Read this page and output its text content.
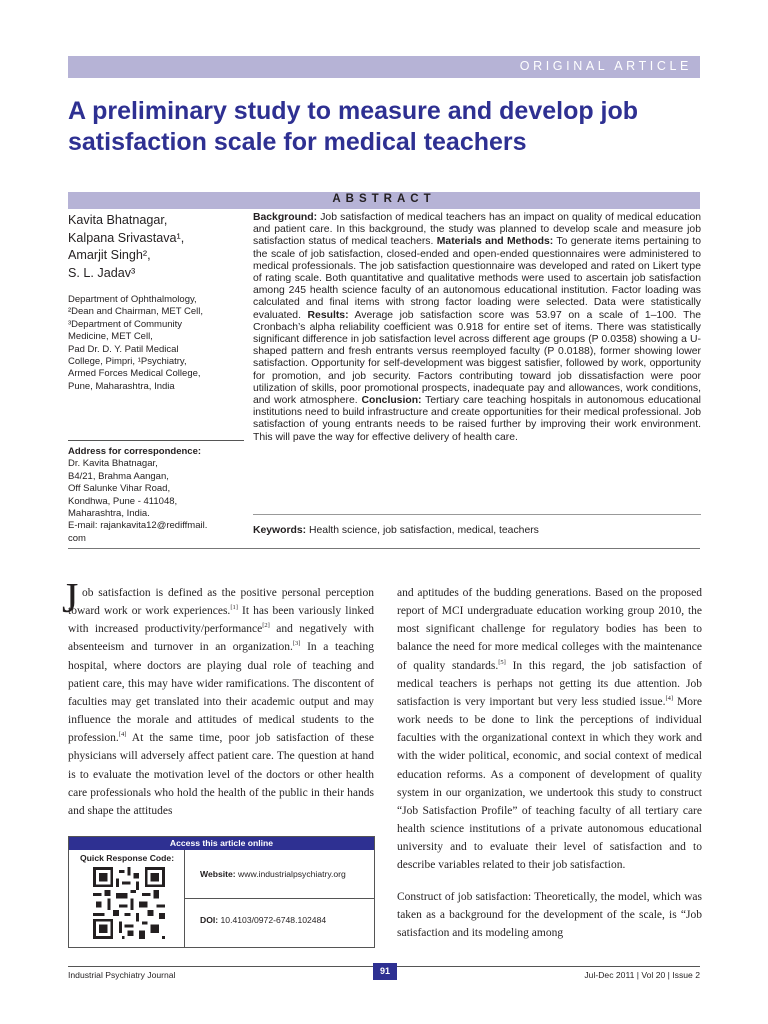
ORIGINAL ARTICLE
A preliminary study to measure and develop job satisfaction scale for medical teachers
ABSTRACT
Kavita Bhatnagar,
Kalpana Srivastava¹,
Amarjit Singh²,
S. L. Jadav³
Department of Ophthalmology,
²Dean and Chairman, MET Cell,
³Department of Community
Medicine, MET Cell,
Pad Dr. D. Y. Patil Medical
College, Pimpri, ¹Psychiatry,
Armed Forces Medical College,
Pune, Maharashtra, India
Address for correspondence:
Dr. Kavita Bhatnagar,
B4/21, Brahma Aangan,
Off Salunke Vihar Road,
Kondhwa, Pune - 411048,
Maharashtra, India.
E-mail: rajankavita12@rediffmail.
com
Background: Job satisfaction of medical teachers has an impact on quality of medical education and patient care. In this background, the study was planned to develop scale and measure job satisfaction status of medical teachers. Materials and Methods: To generate items pertaining to the scale of job satisfaction, closed-ended and open-ended questionnaires were administered to medical professionals. The job satisfaction questionnaire was developed and rated on Likert type of rating scale. Both quantitative and qualitative methods were used to ascertain job satisfaction among 245 health science faculty of an autonomous educational institution. Factor loading was calculated and final items with strong factor loading were selected. Data were statistically evaluated. Results: Average job satisfaction score was 53.97 on a scale of 1–100. The Cronbach’s alpha reliability coefficient was 0.918 for entire set of items. There was statistically significant difference in job satisfaction level across different age groups (P 0.0358) showing a U-shaped pattern and fresh entrants versus reemployed faculty (P 0.0188), former showing lower satisfaction. Opportunity for self-development was biggest satisfier, followed by work, opportunity for promotion, and job security. Factors contributing toward job dissatisfaction were poor utilization of skills, poor promotional prospects, inadequate pay and allowances, work conditions, and work atmosphere. Conclusion: Tertiary care teaching hospitals in autonomous educational institutions need to build infrastructure and create opportunities for their medical professional. Job satisfaction of young entrants needs to be raised further by improving their work environment. This will pave the way for effective delivery of health care.
Keywords: Health science, job satisfaction, medical, teachers
J ob satisfaction is defined as the positive personal perception toward work or work experiences.[1] It has been variously linked with increased productivity/performance[2] and negatively with absenteeism and turnover in an organization.[3] In a teaching hospital, where doctors are playing dual role of teaching and patient care, this may have wider ramifications. The discontent of faculties may get translated into their academic output and may influence the morale and attitudes of medical students to the profession.[4] At the same time, poor job satisfaction of these physicians will adversely affect patient care. The question at hand is to evaluate the motivation level of the doctors or other health care professionals who hold the health of the public in their hands and shape the attitudes

and aptitudes of the budding generations. Based on the proposed report of MCI undergraduate education working group 2010, the most significant challenge for regulatory bodies has been to balance the need for more medical colleges with the maintenance of quality standards.[5] In this regard, the job satisfaction of medical teachers is perhaps not getting its due attention. Job satisfaction is very important but very less studied issue.[4] More work needs to be done to link the perceptions of individual faculties with the organizational context in which they work and with the wider political, economic, and social context of medical education reforms. As a component of development of quality system in our organization, we undertook this study to construct “Job Satisfaction Profile” of teaching faculty of all tertiary care health science institutions of a private autonomous educational university and to evaluate their level of satisfaction and to describe variables related to their job satisfaction.

Construct of job satisfaction: Theoretically, the model, which was taken as a background for the development of the scale, is “Job satisfaction and its modeling among

Access this article online
Quick Response Code:
Website: www.industrialpsychiatry.org
DOI: 10.4103/0972-6748.102484
Industrial Psychiatry Journal	91	Jul-Dec 2011 | Vol 20 | Issue 2
